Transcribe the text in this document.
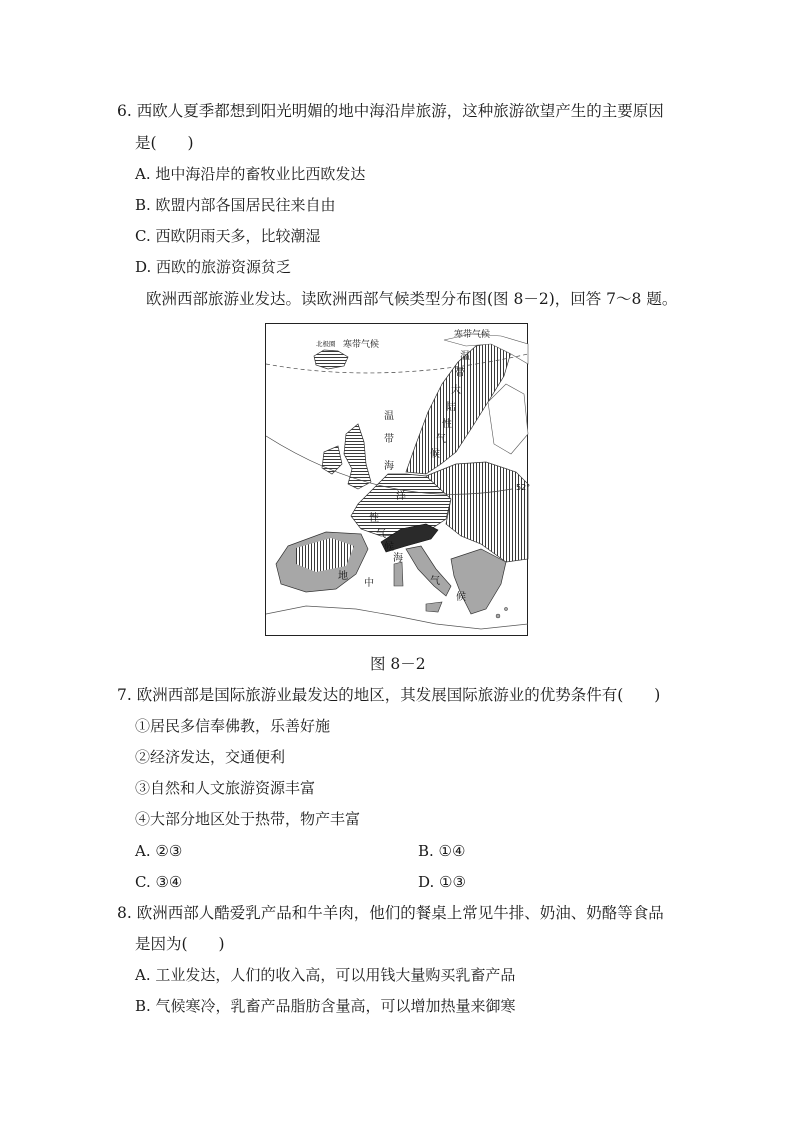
6. 西欧人夏季都想到阳光明媚的地中海沿岸旅游，这种旅游欲望产生的主要原因
是(　　)
A. 地中海沿岸的畜牧业比西欧发达
B. 欧盟内部各国居民往来自由
C. 西欧阴雨天多，比较潮湿
D. 西欧的旅游资源贫乏
欧洲西部旅游业发达。读欧洲西部气候类型分布图(图 8－2)，回答 7～8 题。
北极圈 寒带气候
寒带气候
52°
温
带
大
陆
性
气
候
温
带
海
洋
性
气
候
地
中
海
气
候
图 8－2
7. 欧洲西部是国际旅游业最发达的地区，其发展国际旅游业的优势条件有(　　)
①居民多信奉佛教，乐善好施
②经济发达，交通便利
③自然和人文旅游资源丰富
④大部分地区处于热带，物产丰富
A. ②③	B. ①④
C. ③④	D. ①③
8. 欧洲西部人酷爱乳产品和牛羊肉，他们的餐桌上常见牛排、奶油、奶酪等食品
是因为(　　)
A. 工业发达，人们的收入高，可以用钱大量购买乳畜产品
B. 气候寒冷，乳畜产品脂肪含量高，可以增加热量来御寒
